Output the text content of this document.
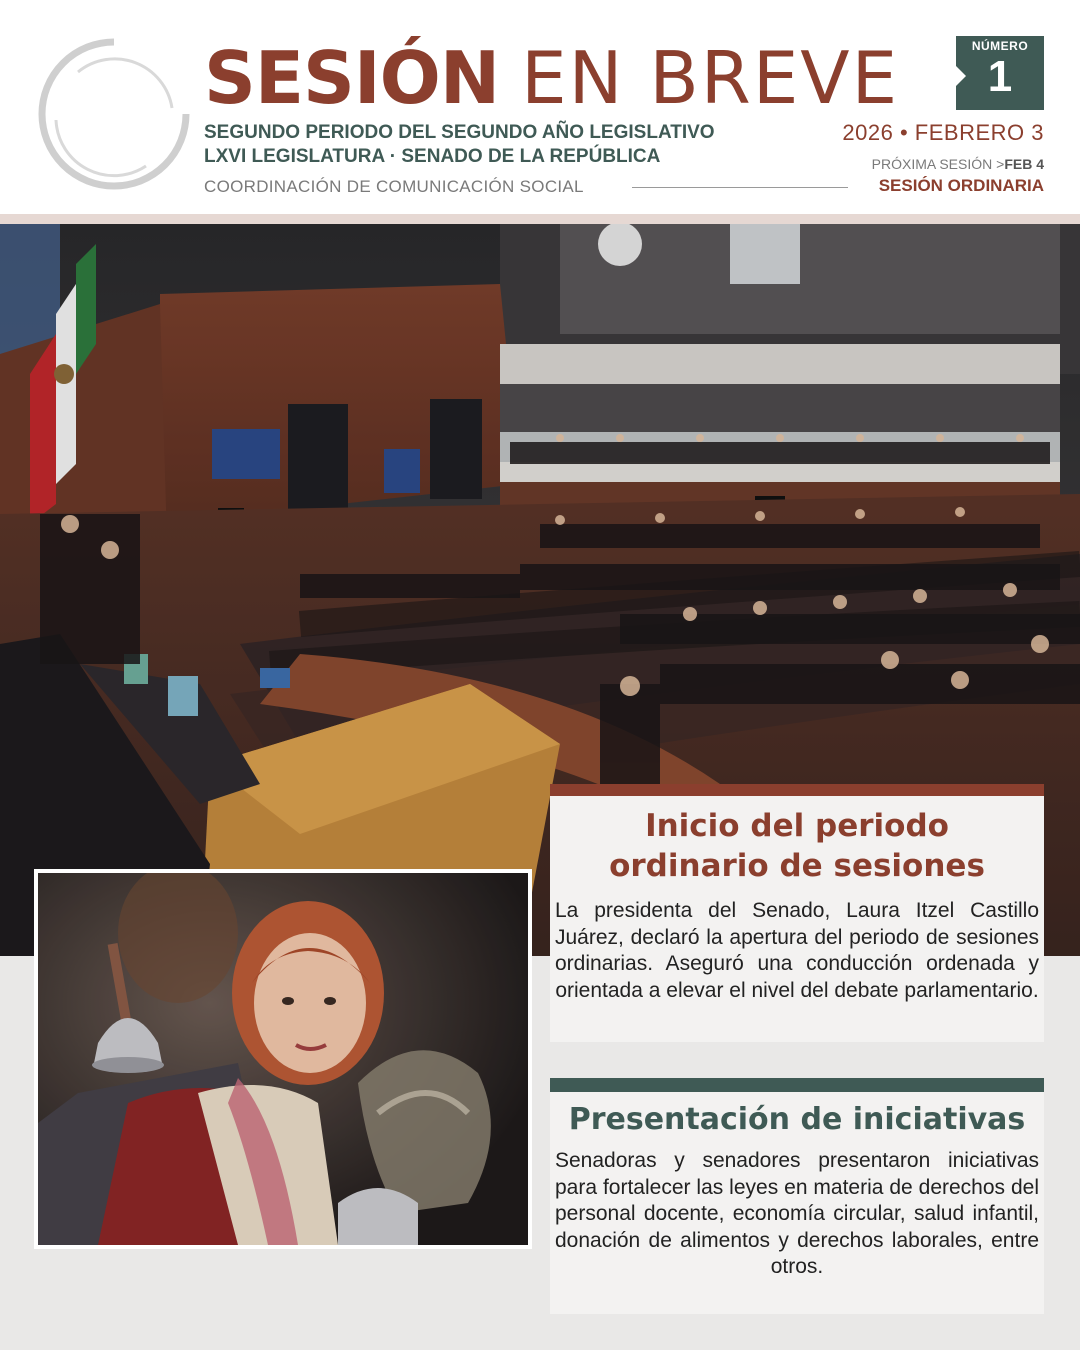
SESIÓN EN BREVE	NÚMERO
1
SEGUNDO PERIODO DEL SEGUNDO AÑO LEGISLATIVO
LXVI LEGISLATURA · SENADO DE LA REPÚBLICA
COORDINACIÓN DE COMUNICACIÓN SOCIAL
2026 • FEBRERO 3
PRÓXIMA SESIÓN >FEB 4
SESIÓN ORDINARIA
Inicio del periodo ordinario de sesiones
La presidenta del Senado, Laura Itzel Castillo Juárez, declaró la apertura del periodo de sesiones ordinarias. Aseguró una conducción ordenada y orientada a elevar el nivel del debate parlamentario.
Presentación de iniciativas
Senadoras y senadores presentaron iniciativas para fortalecer las leyes en materia de derechos del personal docente, economía circular, salud infantil, donación de alimentos y derechos laborales, entre otros.
